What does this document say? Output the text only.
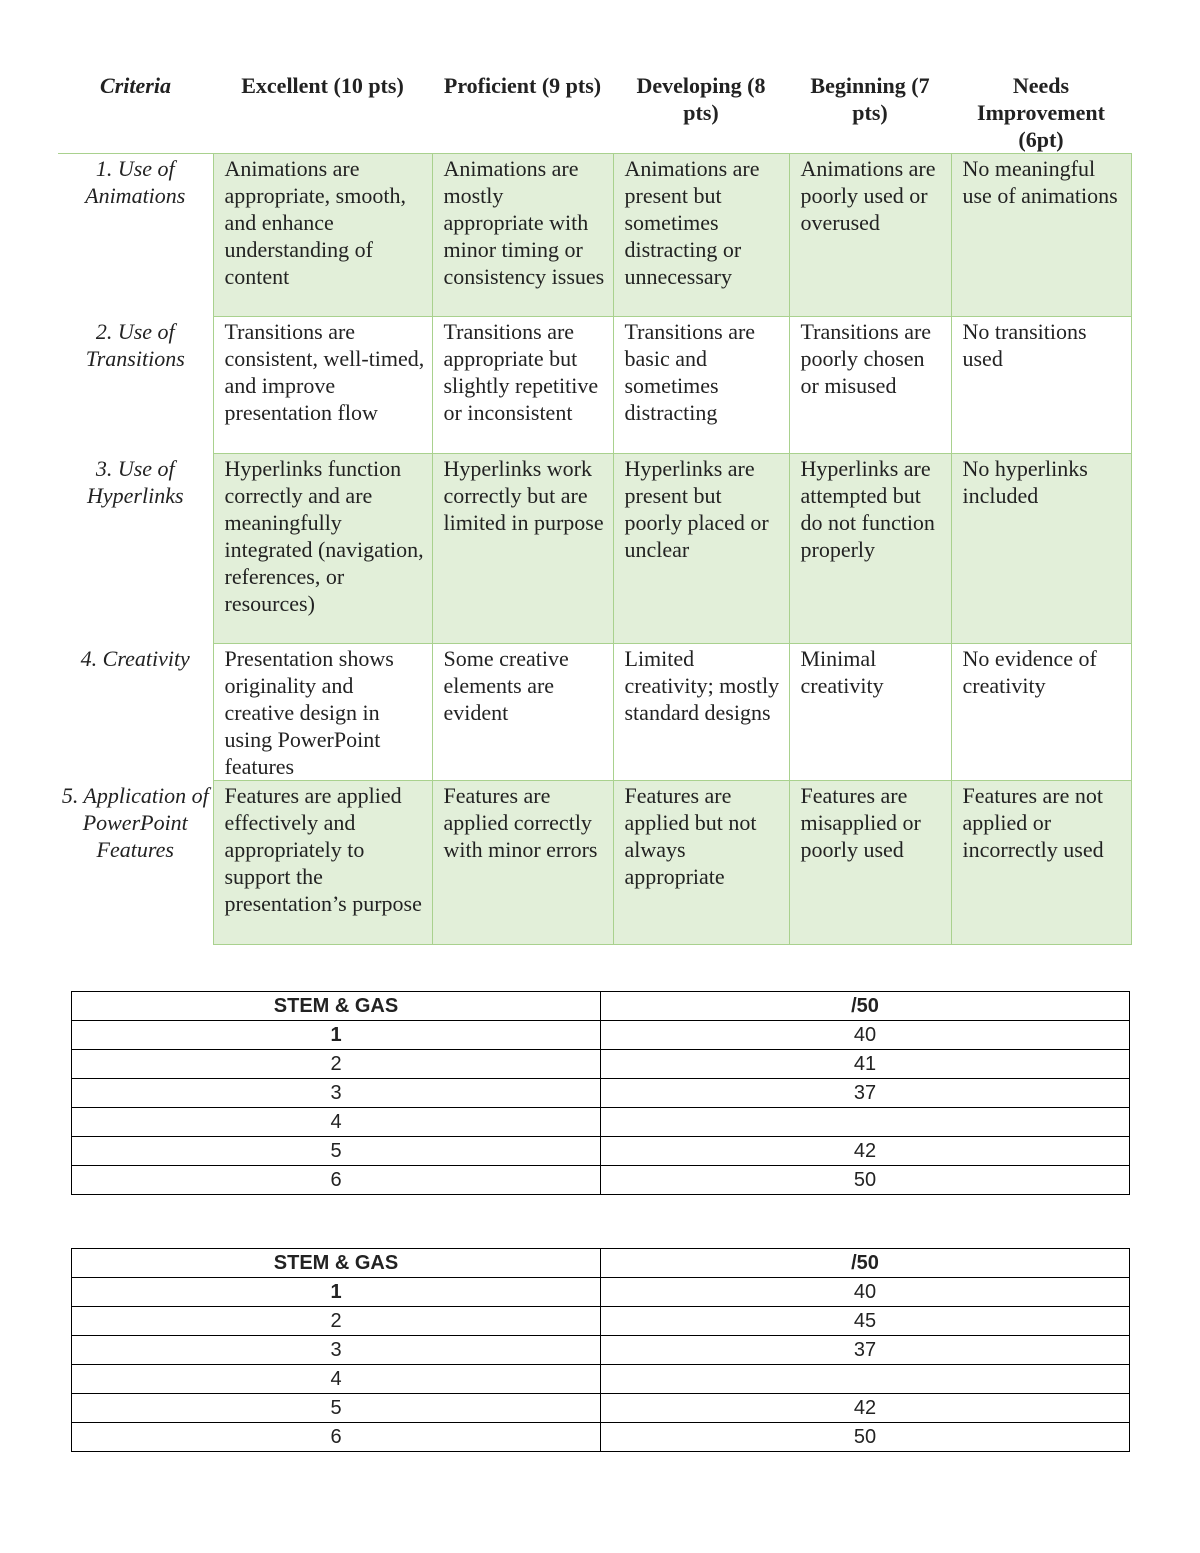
Criteria	Excellent (10 pts)	Proficient (9 pts)	Developing (8 pts)	Beginning (7 pts)	Needs Improvement (6pt)
1. Use of Animations	Animations are appropriate, smooth, and enhance understanding of content	Animations are mostly appropriate with minor timing or consistency issues	Animations are present but sometimes distracting or unnecessary	Animations are poorly used or overused	No meaningful use of animations
2. Use of Transitions	Transitions are consistent, well-timed, and improve presentation flow	Transitions are appropriate but slightly repetitive or inconsistent	Transitions are basic and sometimes distracting	Transitions are poorly chosen or misused	No transitions used
3. Use of Hyperlinks	Hyperlinks function correctly and are meaningfully integrated (navigation, references, or resources)	Hyperlinks work correctly but are limited in purpose	Hyperlinks are present but poorly placed or unclear	Hyperlinks are attempted but do not function properly	No hyperlinks included
4. Creativity	Presentation shows originality and creative design in using PowerPoint features	Some creative elements are evident	Limited creativity; mostly standard designs	Minimal creativity	No evidence of creativity
5. Application of PowerPoint Features	Features are applied effectively and appropriately to support the presentation’s purpose	Features are applied correctly with minor errors	Features are applied but not always appropriate	Features are misapplied or poorly used	Features are not applied or incorrectly used
STEM & GAS	/50
1	40
2	41
3	37
4	
5	42
6	50
STEM & GAS	/50
1	40
2	45
3	37
4	
5	42
6	50
